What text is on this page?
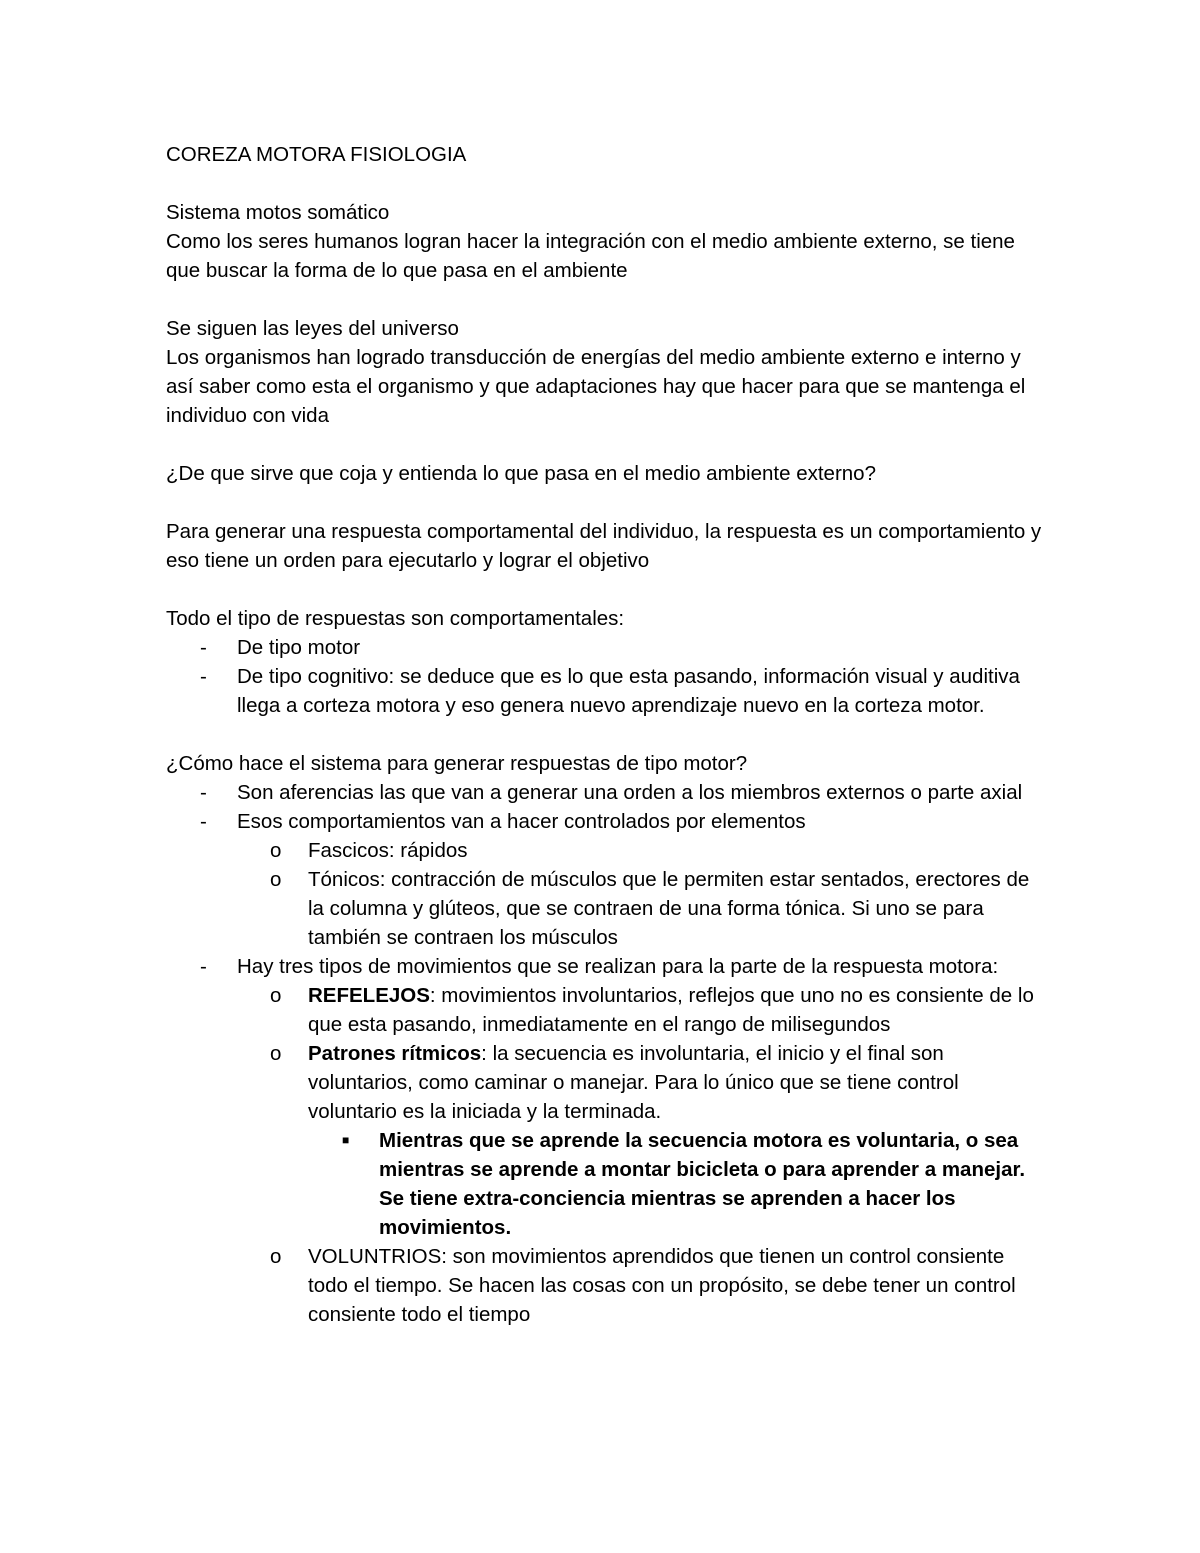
COREZA MOTORA FISIOLOGIA

Sistema motos somático

Como los seres humanos logran hacer la integración con el medio ambiente externo, se tiene que buscar la forma de lo que pasa en el ambiente

Se siguen las leyes del universo

Los organismos han logrado transducción de energías del medio ambiente externo e interno y así saber como esta el organismo y que adaptaciones hay que hacer para que se mantenga el individuo con vida

¿De que sirve que coja y entienda lo que pasa en el medio ambiente externo?

Para generar una respuesta comportamental del individuo, la respuesta es un comportamiento y eso tiene un orden para ejecutarlo y lograr el objetivo

Todo el tipo de respuestas son comportamentales:

- De tipo motor
- De tipo cognitivo: se deduce que es lo que esta pasando, información visual y auditiva llega a corteza motora y eso genera nuevo aprendizaje nuevo en la corteza motor.

¿Cómo hace el sistema para generar respuestas de tipo motor?

- Son aferencias las que van a generar una orden a los miembros externos o parte axial
- Esos comportamientos van a hacer controlados por elementos
o Fascicos: rápidos
o Tónicos: contracción de músculos que le permiten estar sentados, erectores de la columna y glúteos, que se contraen de una forma tónica. Si uno se para también se contraen los músculos
- Hay tres tipos de movimientos que se realizan para la parte de la respuesta motora:
o REFELEJOS: movimientos involuntarios, reflejos que uno no es consiente de lo que esta pasando, inmediatamente en el rango de milisegundos
o Patrones rítmicos: la secuencia es involuntaria, el inicio y el final son voluntarios, como caminar o manejar. Para lo único que se tiene control voluntario es la iniciada y la terminada.
■ Mientras que se aprende la secuencia motora es voluntaria, o sea mientras se aprende a montar bicicleta o para aprender a manejar. Se tiene extra-conciencia mientras se aprenden a hacer los movimientos.
o VOLUNTRIOS: son movimientos aprendidos que tienen un control consiente todo el tiempo. Se hacen las cosas con un propósito, se debe tener un control consiente todo el tiempo
